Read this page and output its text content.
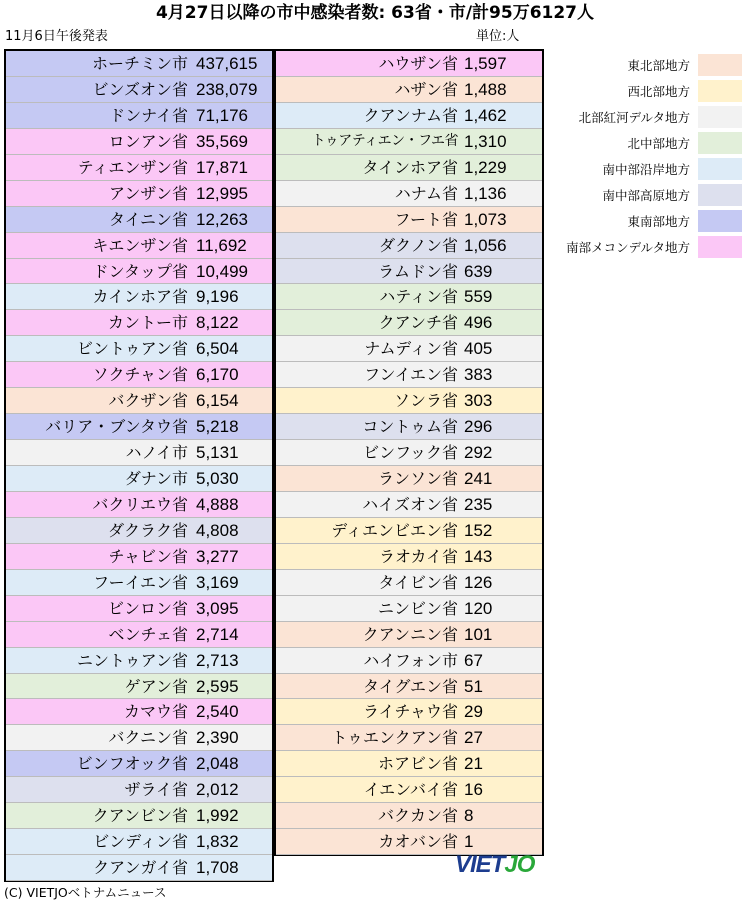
4月27日以降の市中感染者数: 63省・市/計95万6127人
11月6日午後発表	単位:人
ホーチミン市 437,615
ビンズオン省 238,079
ドンナイ省 71,176
ロンアン省 35,569
ティエンザン省 17,871
アンザン省 12,995
タイニン省 12,263
キエンザン省 11,692
ドンタップ省 10,499
カインホア省 9,196
カントー市 8,122
ビントゥアン省 6,504
ソクチャン省 6,170
バクザン省 6,154
バリア・ブンタウ省 5,218
ハノイ市 5,131
ダナン市 5,030
バクリエウ省 4,888
ダクラク省 4,808
チャビン省 3,277
フーイエン省 3,169
ビンロン省 3,095
ベンチェ省 2,714
ニントゥアン省 2,713
ゲアン省 2,595
カマウ省 2,540
バクニン省 2,390
ビンフオック省 2,048
ザライ省 2,012
クアンビン省 1,992
ビンディン省 1,832
クアンガイ省 1,708
ハウザン省 1,597
ハザン省 1,488
クアンナム省 1,462
トゥアティエン・フエ省 1,310
タインホア省 1,229
ハナム省 1,136
フート省 1,073
ダクノン省 1,056
ラムドン省 639
ハティン省 559
クアンチ省 496
ナムディン省 405
フンイエン省 383
ソンラ省 303
コントゥム省 296
ビンフック省 292
ランソン省 241
ハイズオン省 235
ディエンビエン省 152
ラオカイ省 143
タイビン省 126
ニンビン省 120
クアンニン省 101
ハイフォン市 67
タイグエン省 51
ライチャウ省 29
トゥエンクアン省 27
ホアビン省 21
イエンバイ省 16
バクカン省 8
カオバン省 1
東北部地方
西北部地方
北部紅河デルタ地方
北中部地方
南中部沿岸地方
南中部高原地方
東南部地方
南部メコンデルタ地方
VIETJO
(C) VIETJOベトナムニュース
